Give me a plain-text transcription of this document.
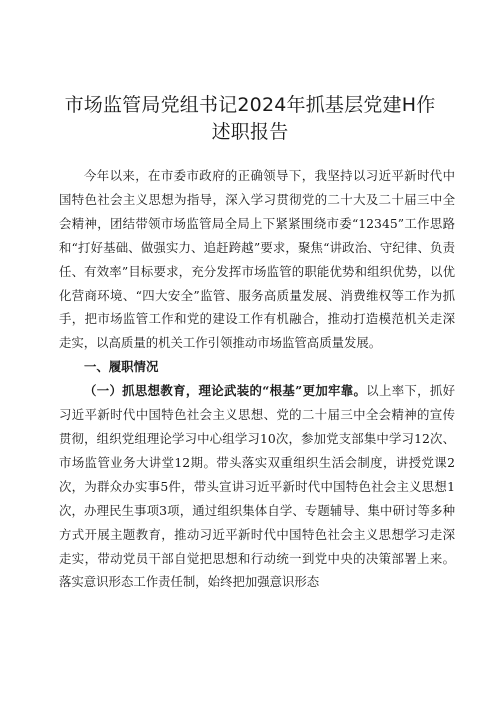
市场监管局党组书记2024年抓基层党建H作
述职报告

今年以来，在市委市政府的正确领导下，我坚持以习近平新时代中国特色社会主义思想为指导，深入学习贯彻党的二十大及二十届三中全会精神，团结带领市场监管局全局上下紧紧围绕市委“12345”工作思路和“打好基础、做强实力、追赶跨越”要求，聚焦“讲政治、守纪律、负责任、有效率”目标要求，充分发挥市场监管的职能优势和组织优势，以优化营商环境、“四大安全”监管、服务高质量发展、消费维权等工作为抓手，把市场监管工作和党的建设工作有机融合，推动打造模范机关走深走实，以高质量的机关工作引领推动市场监管高质量发展。

一、履职情况

（一）抓思想教育，理论武装的“根基”更加牢靠。以上率下，抓好习近平新时代中国特色社会主义思想、党的二十届三中全会精神的宣传贯彻，组织党组理论学习中心组学习10次，参加党支部集中学习12次、市场监管业务大讲堂12期。带头落实双重组织生活会制度，讲授党课2次，为群众办实事5件，带头宣讲习近平新时代中国特色社会主义思想1次，办理民生事项3项，通过组织集体自学、专题辅导、集中研讨等多种方式开展主题教育，推动习近平新时代中国特色社会主义思想学习走深走实，带动党员干部自觉把思想和行动统一到党中央的决策部署上来。落实意识形态工作责任制，始终把加强意识形态
